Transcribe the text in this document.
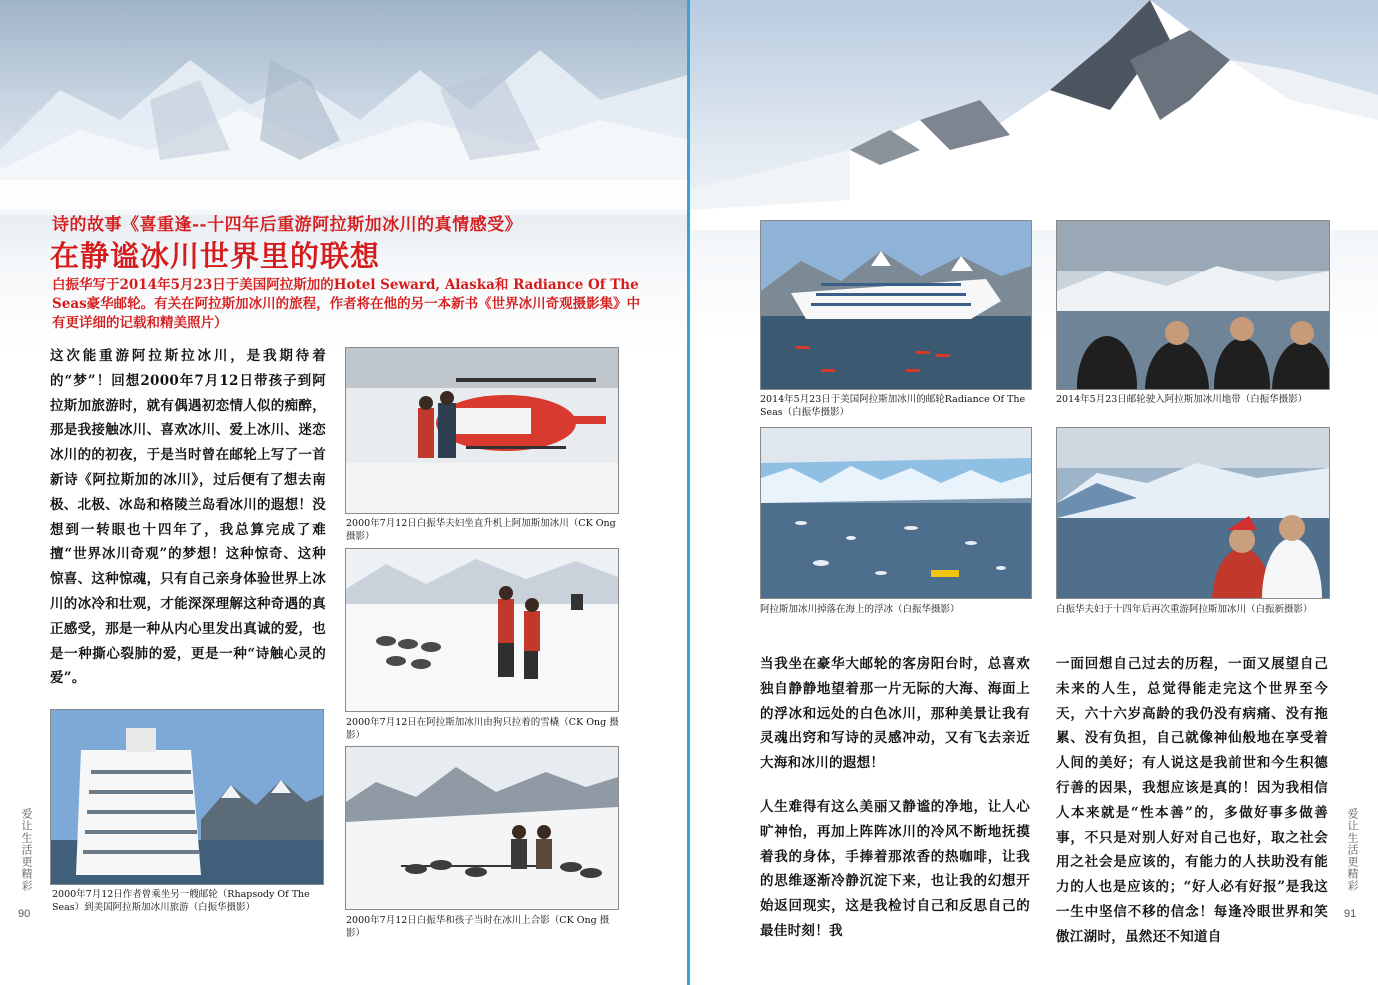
诗的故事《喜重逢--十四年后重游阿拉斯加冰川的真情感受》
在静谧冰川世界里的联想

白振华写于2014年5月23日于美国阿拉斯加的Hotel Seward, Alaska和 Radiance Of The Seas豪华邮轮。有关在阿拉斯加冰川的旅程，作者将在他的另一本新书《世界冰川奇观摄影集》中有更详细的记载和精美照片）

这次能重游阿拉斯拉冰川，是我期待着的“梦”！回想2000年7月12日带孩子到阿拉斯加旅游时，就有偶遇初恋情人似的痴醉，那是我接触冰川、喜欢冰川、爱上冰川、迷恋冰川的的初夜，于是当时曾在邮轮上写了一首新诗《阿拉斯加的冰川》，过后便有了想去南极、北极、冰岛和格陵兰岛看冰川的遐想！没想到一转眼也十四年了，我总算完成了难擅“世界冰川奇观”的梦想！这种惊奇、这种惊喜、这种惊魂，只有自己亲身体验世界上冰川的冰冷和壮观，才能深深理解这种奇遇的真正感受，那是一种从内心里发出真诚的爱，也是一种撕心裂肺的爱，更是一种“诗触心灵的爱”。

2000年7月12日白振华夫妇坐直升机上阿加斯加冰川（CK Ong 摄影）

2000年7月12日在阿拉斯加冰川由狗只拉着的雪橇（CK Ong 摄影）

2000年7月12日白振华和孩子当时在冰川上合影（CK Ong 摄影）

2000年7月12日作者曾乘坐另一艘邮轮（Rhapsody Of The Seas）到美国阿拉斯加冰川旅游（白振华摄影）

爱让生活更精彩
90

2014年5月23日于美国阿拉斯加冰川的邮轮Radiance Of The Seas（白振华摄影）

2014年5月23日邮轮驶入阿拉斯加冰川地带（白振华摄影）

阿拉斯加冰川掉落在海上的浮冰（白振华摄影）	白振华夫妇于十四年后再次重游阿拉斯加冰川（白振新摄影）

当我坐在豪华大邮轮的客房阳台时，总喜欢独自静静地望着那一片无际的大海、海面上的浮冰和远处的白色冰川，那种美景让我有灵魂出窍和写诗的灵感冲动，又有飞去亲近大海和冰川的遐想！

人生难得有这么美丽又静谧的净地，让人心旷神怡，再加上阵阵冰川的冷风不断地抚摸着我的身体，手捧着那浓香的热咖啡，让我的思维逐渐冷静沉淀下来，也让我的幻想开始返回现实，这是我检讨自己和反思自己的最佳时刻！我

一面回想自己过去的历程，一面又展望自己未来的人生，总觉得能走完这个世界至今天，六十六岁高龄的我仍没有病痛、没有拖累、没有负担，自己就像神仙般地在享受着人间的美好；有人说这是我前世和今生积德行善的因果，我想应该是真的！因为我相信人本来就是“性本善”的，多做好事多做善事，不只是对别人好对自己也好，取之社会用之社会是应该的，有能力的人扶助没有能力的人也是应该的；“好人必有好报”是我这一生中坚信不移的信念！每逢冷眼世界和笑傲江湖时，虽然还不知道自

爱让生活更精彩
91
